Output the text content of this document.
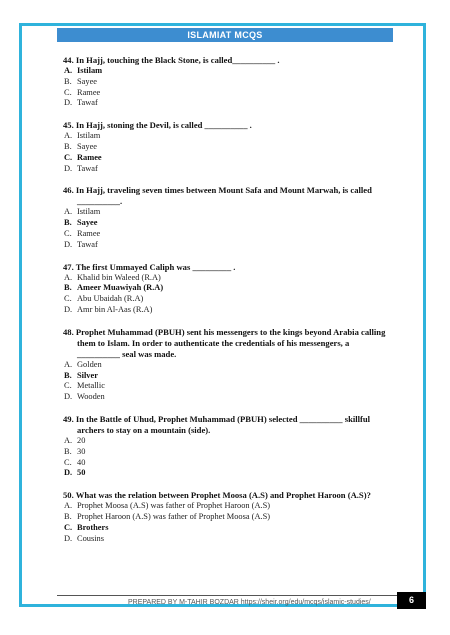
ISLAMIAT MCQS
44. In Hajj, touching the Black Stone, is called__________ .
A. Istilam
B. Sayee
C. Ramee
D. Tawaf
45. In Hajj, stoning the Devil, is called __________ .
A. Istilam
B. Sayee
C. Ramee
D. Tawaf
46. In Hajj, traveling seven times between Mount Safa and Mount Marwah, is called __________.
A. Istilam
B. Sayee
C. Ramee
D. Tawaf
47. The first Ummayed Caliph was _________ .
A. Khalid bin Waleed (R.A)
B. Ameer Muawiyah (R.A)
C. Abu Ubaidah (R.A)
D. Amr bin Al-Aas (R.A)
48. Prophet Muhammad (PBUH) sent his messengers to the kings beyond Arabia calling them to Islam. In order to authenticate the credentials of his messengers, a __________ seal was made.
A. Golden
B. Silver
C. Metallic
D. Wooden
49. In the Battle of Uhud, Prophet Muhammad (PBUH) selected __________ skillful archers to stay on a mountain (side).
A. 20
B. 30
C. 40
D. 50
50. What was the relation between Prophet Moosa (A.S) and Prophet Haroon (A.S)?
A. Prophet Moosa (A.S) was father of Prophet Haroon (A.S)
B. Prophet Haroon (A.S) was father of Prophet Moosa (A.S)
C. Brothers
D. Cousins
PREPARED BY M-TAHIR BOZDAR https://sheir.org/edu/mcqs/islamic-studies/	6
